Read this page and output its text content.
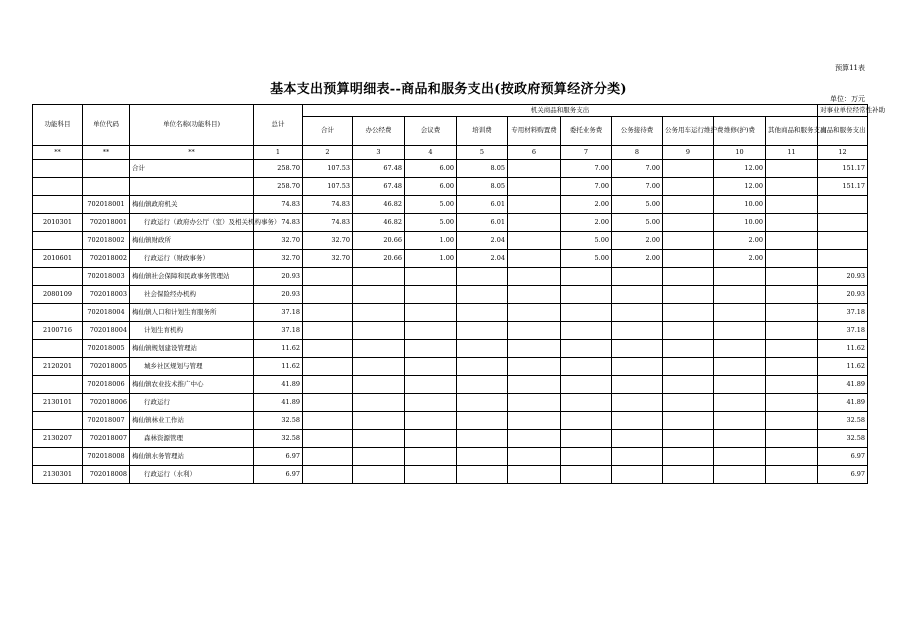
预算11表
基本支出预算明细表--商品和服务支出(按政府预算经济分类)
单位：万元
功能科目	单位代码	单位名称(功能科目)	总计	机关商品和服务支出										对事业单位经常性补助
				合计	办公经费	会议费	培训费	专用材料购置费	委托业务费	公务接待费	公务用车运行维护费	维修(护)费	其他商品和服务支出	商品和服务支出
**	**	**	1	2	3	4	5	6	7	8	9	10	11	12
		合计	258.70	107.53	67.48	6.00	8.05		7.00	7.00		12.00		151.17
			258.70	107.53	67.48	6.00	8.05		7.00	7.00		12.00		151.17
	702018001	梅仙镇政府机关	74.83	74.83	46.82	5.00	6.01		2.00	5.00		10.00		
2010301	702018001	行政运行（政府办公厅（室）及相关机构事务）	74.83	74.83	46.82	5.00	6.01		2.00	5.00		10.00		
	702018002	梅仙镇财政所	32.70	32.70	20.66	1.00	2.04		5.00	2.00		2.00		
2010601	702018002	行政运行（财政事务）	32.70	32.70	20.66	1.00	2.04		5.00	2.00		2.00		
	702018003	梅仙镇社会保障和民政事务管理站	20.93											20.93
2080109	702018003	社会保险经办机构	20.93											20.93
	702018004	梅仙镇人口和计划生育服务所	37.18											37.18
2100716	702018004	计划生育机构	37.18											37.18
	702018005	梅仙镇规划建设管理站	11.62											11.62
2120201	702018005	城乡社区规划与管理	11.62											11.62
	702018006	梅仙镇农业技术推广中心	41.89											41.89
2130101	702018006	行政运行	41.89											41.89
	702018007	梅仙镇林业工作站	32.58											32.58
2130207	702018007	森林资源管理	32.58											32.58
	702018008	梅仙镇水务管理站	6.97											6.97
2130301	702018008	行政运行（水利）	6.97											6.97
